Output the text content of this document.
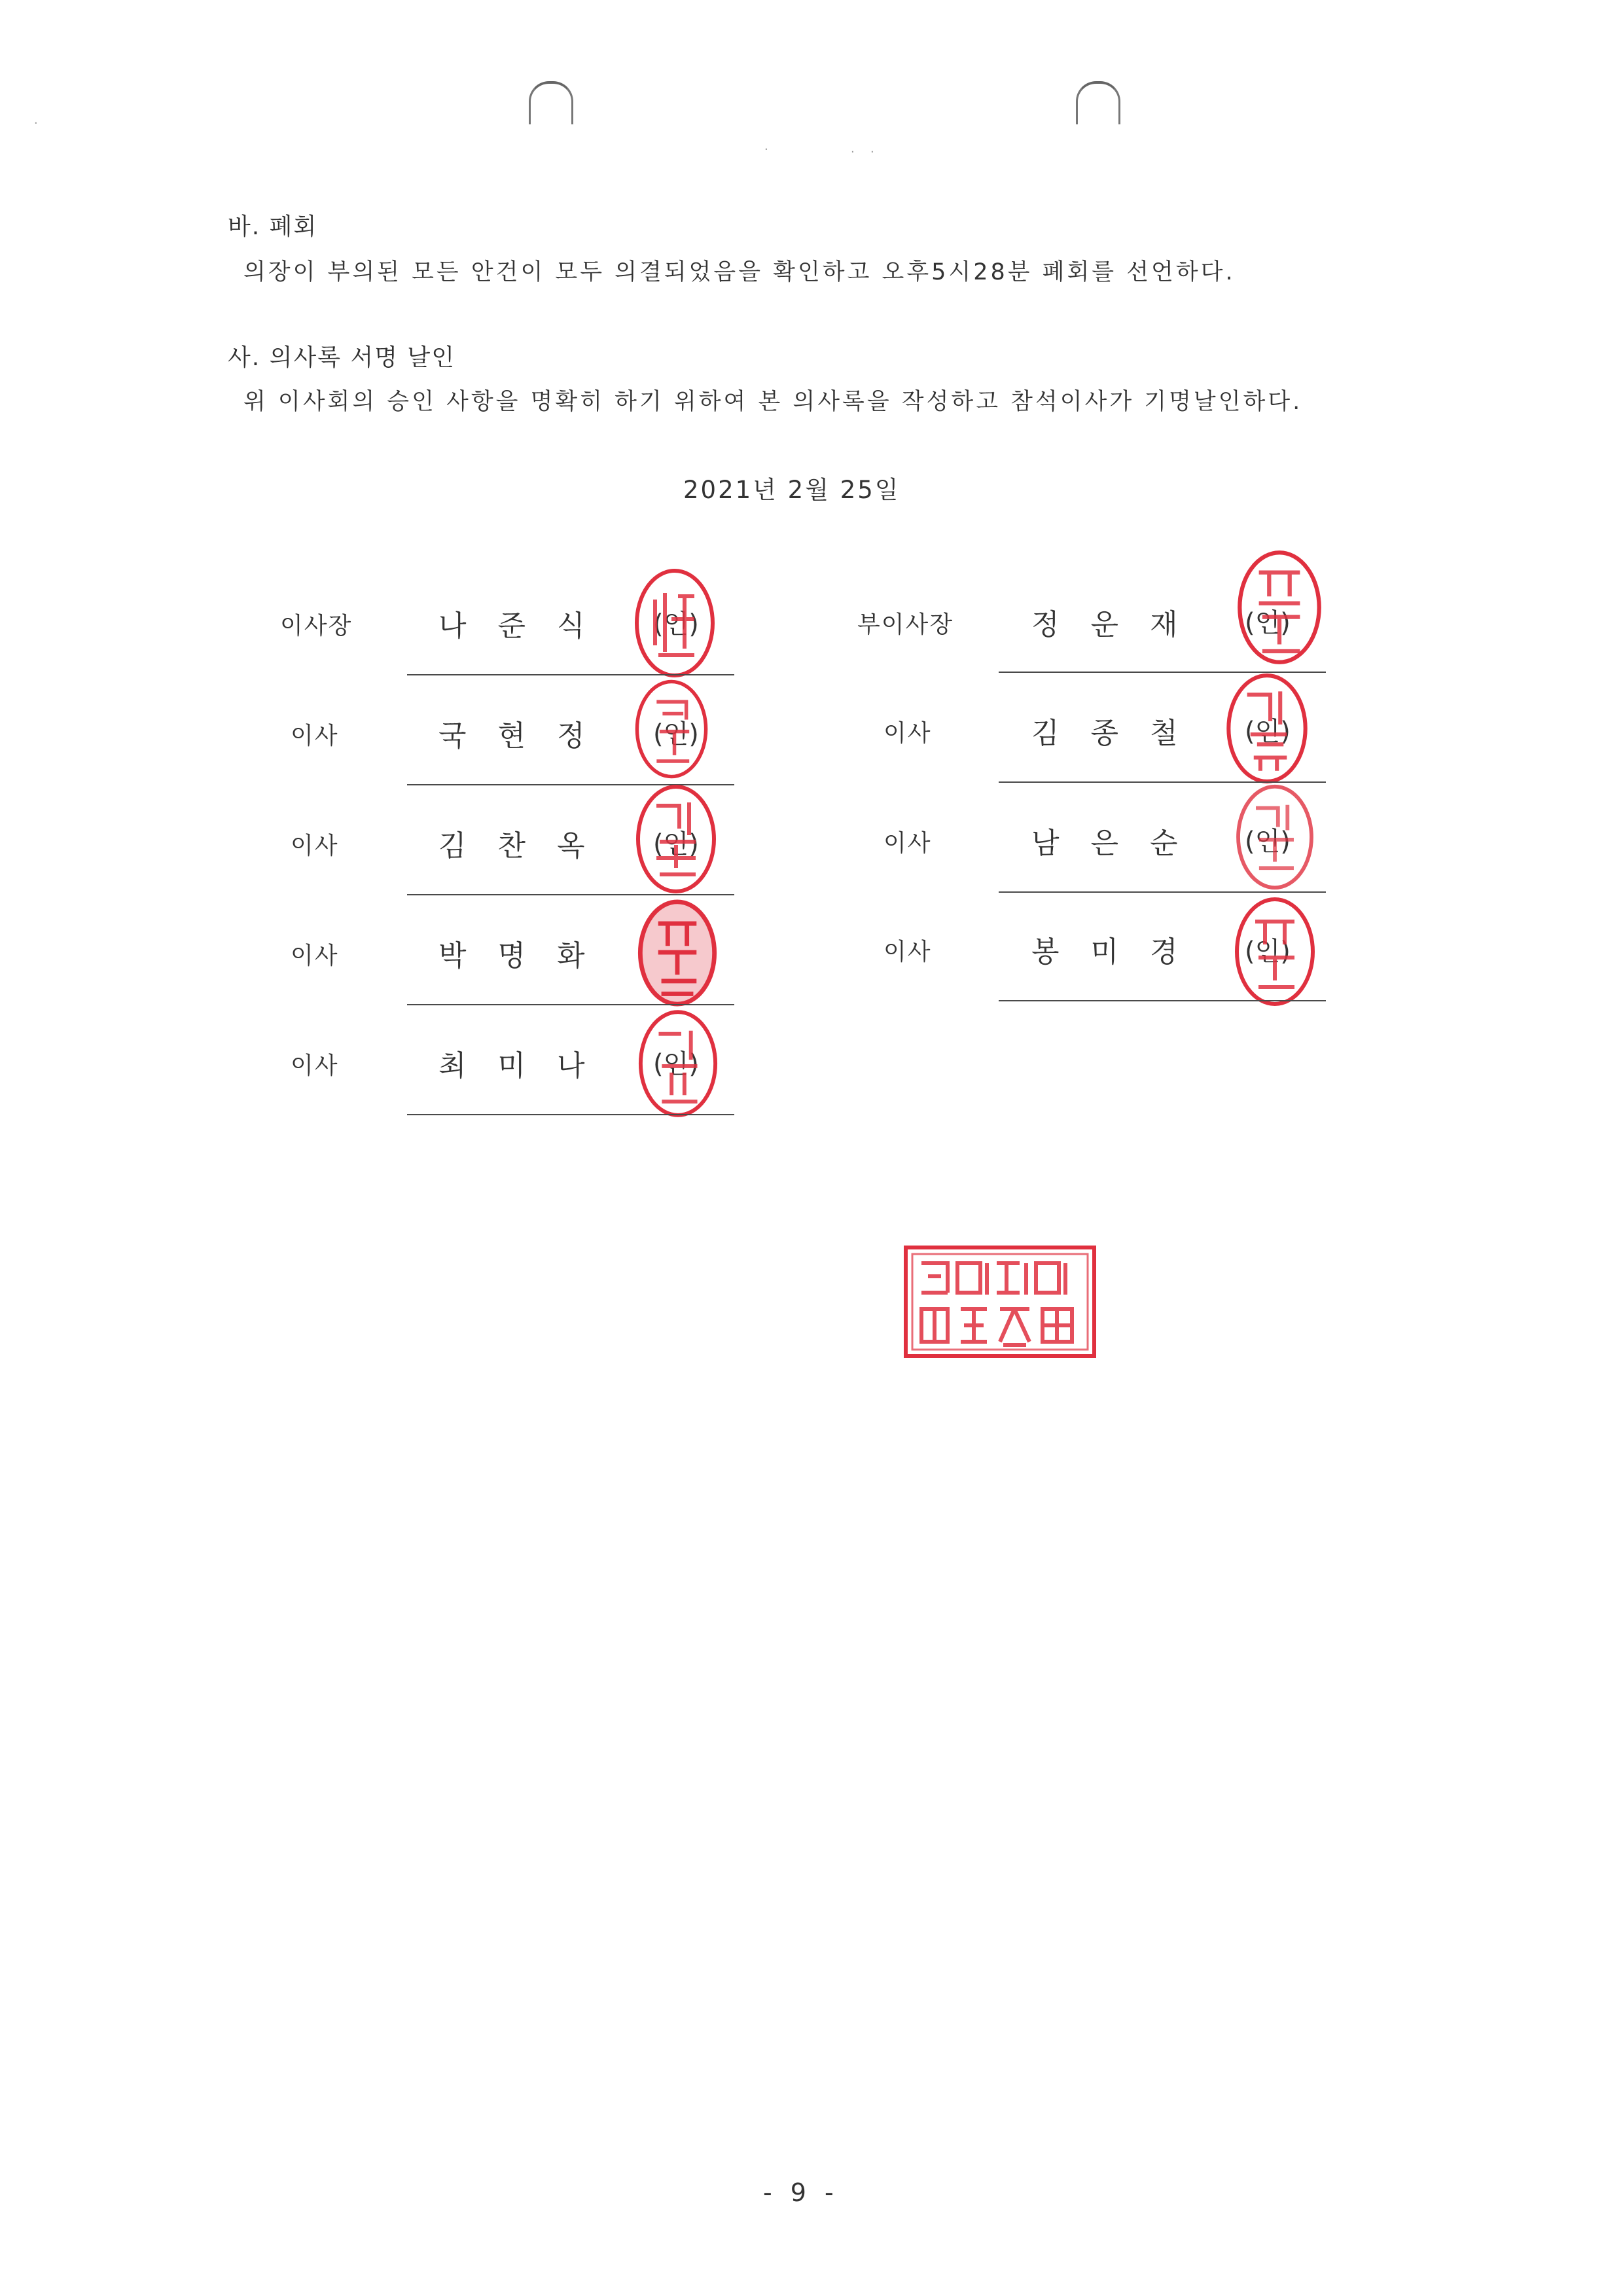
·	· ·
·
바. 폐회
의장이 부의된 모든 안건이 모두 의결되었음을 확인하고 오후5시28분 폐회를 선언하다.
사. 의사록 서명 날인
위 이사회의 승인 사항을 명확히 하기 위하여 본 의사록을 작성하고 참석이사가 기명날인하다.
2021년 2월 25일
이사장	나준식 (인)
이사	국현정 (인)
이사	김찬옥 (인)
이사	박명화
이사	최미나 (인)
부이사장	정운재 (인)
이사	김종철 (인)
이사	남은순 (인)
이사	봉미경 (인)
- 9 -
